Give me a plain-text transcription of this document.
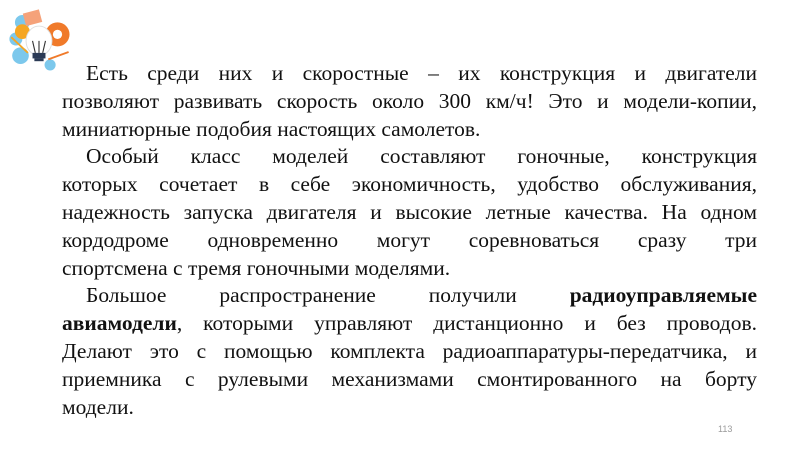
Есть среди них и скоростные – их конструкция и двигатели
позволяют развивать скорость около 300 км/ч! Это и модели-копии,
миниатюрные подобия настоящих самолетов.
Особый класс моделей составляют гоночные, конструкция
которых сочетает в себе экономичность, удобство обслуживания,
надежность запуска двигателя и высокие летные качества. На одном
кордодроме одновременно могут соревноваться сразу три
спортсмена с тремя гоночными моделями.
Большое распространение получили радиоуправляемые
авиамодели, которыми управляют дистанционно и без проводов.
Делают это с помощью комплекта радиоаппаратуры-передатчика, и
приемника с рулевыми механизмами смонтированного на борту
модели.
113
